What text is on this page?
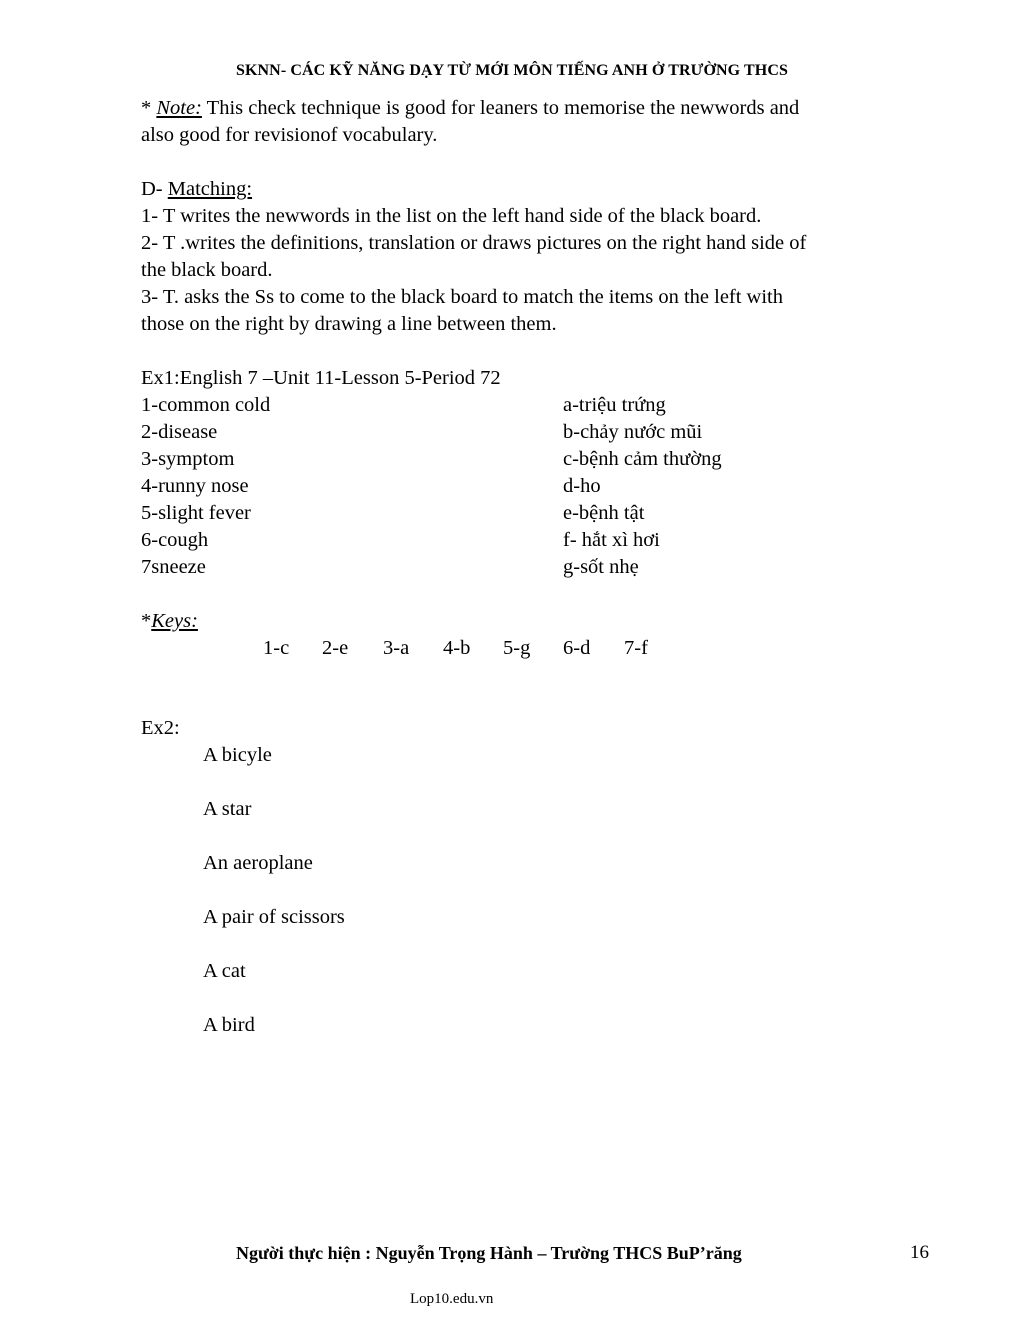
SKNN- CÁC KỸ NĂNG DẠY TỪ MỚI MÔN TIẾNG ANH Ở TRƯỜNG THCS
* Note: This check technique is good for leaners to memorise the newwords and
also good for revisionof vocabulary.
D- Matching:
1- T writes the newwords in the list on the left hand side of the black board.
2- T .writes the definitions, translation or draws pictures on the right hand side of
the black board.
3- T. asks the Ss to come to the black board to match the items on the left with
those on the right by drawing a line between them.
Ex1:English 7 –Unit 11-Lesson 5-Period 72
1-common cold
2-disease
3-symptom
4-runny nose
5-slight fever
6-cough
7sneeze
a-triệu trứng
b-chảy nước mũi
c-bệnh cảm thường
d-ho
e-bệnh tật
f- hắt xì hơi
g-sốt nhẹ
*Keys:
1-c 2-e 3-a 4-b 5-g 6-d 7-f
Ex2:
A bicyle
A star
An aeroplane
A pair of scissors
A cat
A bird
Người thực hiện : Nguyễn Trọng Hành – Trường THCS BuP’răng	16
Lop10.edu.vn
